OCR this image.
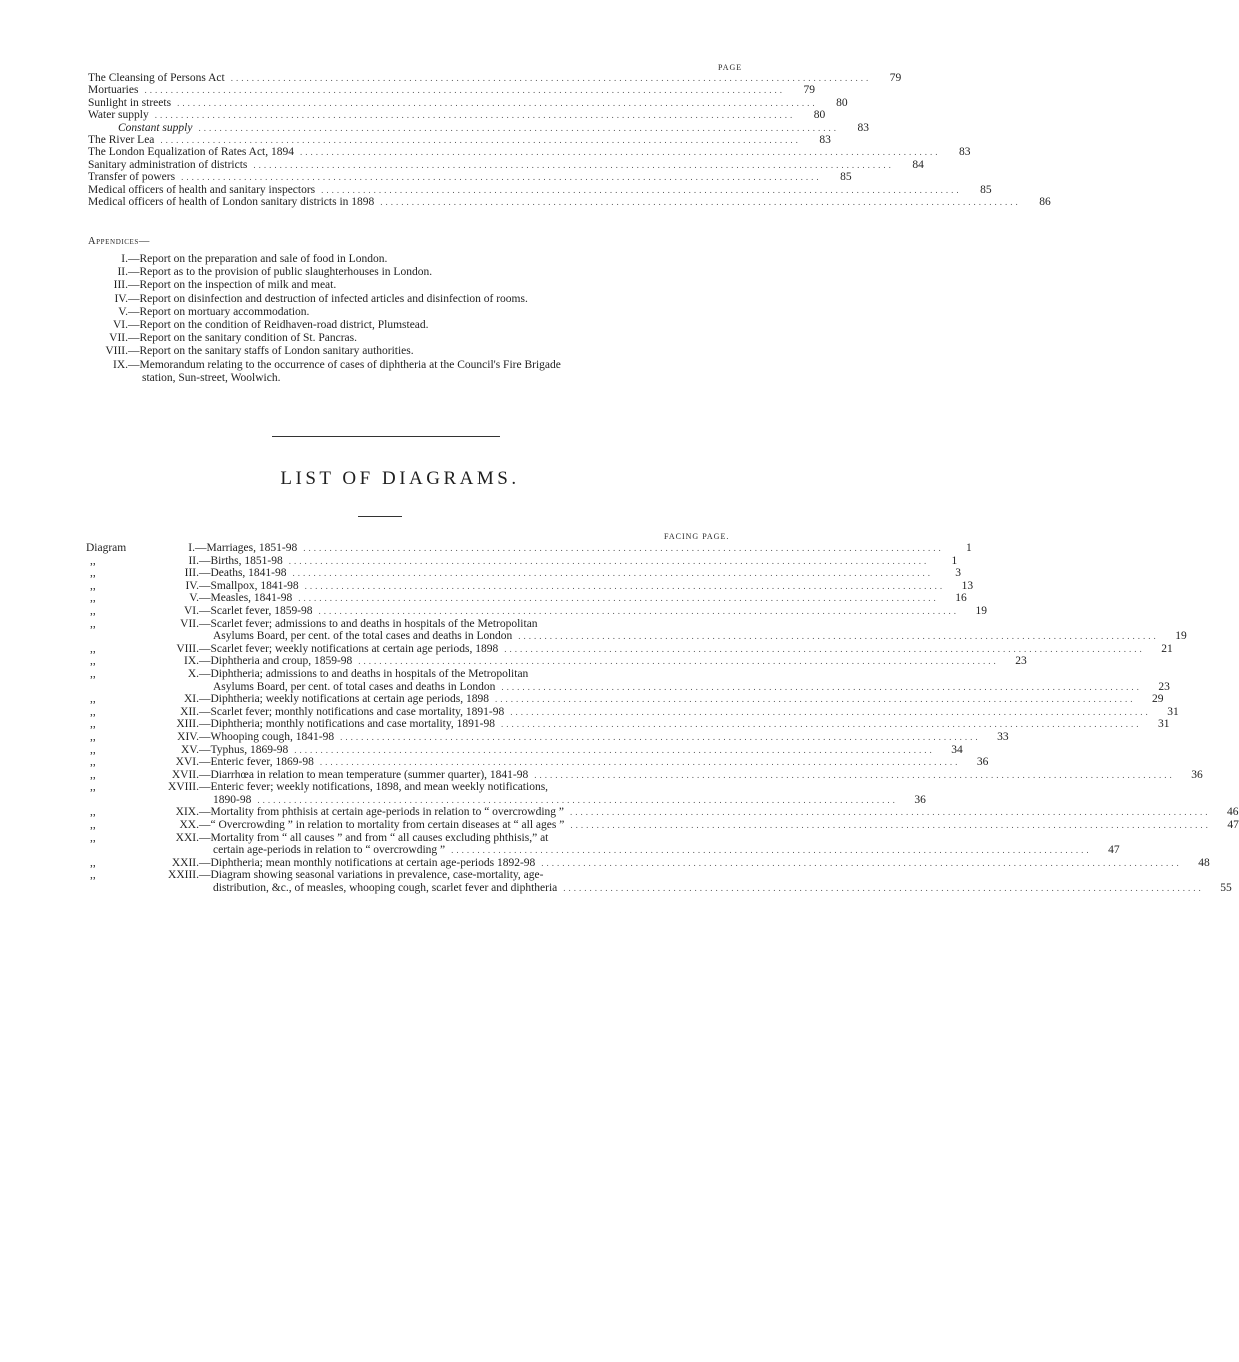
PAGE
The Cleansing of Persons Act ..........................................................................................................................	79
Mortuaries ..........................................................................................................................	79
Sunlight in streets ..........................................................................................................................	80
Water supply ..........................................................................................................................	80
Constant supply ..........................................................................................................................	83
The River Lea ..........................................................................................................................	83
The London Equalization of Rates Act, 1894 ..........................................................................................................................	83
Sanitary administration of districts ..........................................................................................................................	84
Transfer of powers ..........................................................................................................................	85
Medical officers of health and sanitary inspectors ..........................................................................................................................	85
Medical officers of health of London sanitary districts in 1898 ..........................................................................................................................	86
Appendices—
I. —Report on the preparation and sale of food in London.
II. —Report as to the provision of public slaughterhouses in London.
III. —Report on the inspection of milk and meat.
IV. —Report on disinfection and destruction of infected articles and disinfection of rooms.
V. —Report on mortuary accommodation.
VI. —Report on the condition of Reidhaven-road district, Plumstead.
VII. —Report on the sanitary condition of St. Pancras.
VIII. —Report on the sanitary staffs of London sanitary authorities.
IX. —Memorandum relating to the occurrence of cases of diphtheria at the Council's Fire Brigade
station, Sun-street, Woolwich.
LIST OF DIAGRAMS.
FACING PAGE.
Diagram	I. —Marriages, 1851-98 ..........................................................................................................................	1
,,	II. —Births, 1851-98 ..........................................................................................................................	1
,,	III. —Deaths, 1841-98 ..........................................................................................................................	3
,,	IV. —Smallpox, 1841-98 ..........................................................................................................................	13
,,	V. —Measles, 1841-98 ..........................................................................................................................	16
,,	VI. —Scarlet fever, 1859-98 ..........................................................................................................................	19
,,	VII. —Scarlet fever; admissions to and deaths in hospitals of the Metropolitan
Asylums Board, per cent. of the total cases and deaths in London ..........................................................................................................................	19
,,	VIII. —Scarlet fever; weekly notifications at certain age periods, 1898 ..........................................................................................................................	21
,,	IX. —Diphtheria and croup, 1859-98 ..........................................................................................................................	23
,,	X. —Diphtheria; admissions to and deaths in hospitals of the Metropolitan
Asylums Board, per cent. of total cases and deaths in London ..........................................................................................................................	23
,,	XI. —Diphtheria; weekly notifications at certain age periods, 1898 ..........................................................................................................................	29
,,	XII. —Scarlet fever; monthly notifications and case mortality, 1891-98 ..........................................................................................................................	31
,,	XIII. —Diphtheria; monthly notifications and case mortality, 1891-98 ..........................................................................................................................	31
,,	XIV. —Whooping cough, 1841-98 ..........................................................................................................................	33
,,	XV. —Typhus, 1869-98 ..........................................................................................................................	34
,,	XVI. —Enteric fever, 1869-98 ..........................................................................................................................	36
,,	XVII. —Diarrhœa in relation to mean temperature (summer quarter), 1841-98 ..........................................................................................................................	36
,,	XVIII. —Enteric fever; weekly notifications, 1898, and mean weekly notifications,
1890-98 ..........................................................................................................................	36
,,	XIX. —Mortality from phthisis at certain age-periods in relation to “ overcrowding ” ..........................................................................................................................	46
,,	XX. —“ Overcrowding ” in relation to mortality from certain diseases at “ all ages ” ..........................................................................................................................	47
,,	XXI. —Mortality from “ all causes ” and from “ all causes excluding phthisis,” at
certain age-periods in relation to “ overcrowding ” ..........................................................................................................................	47
,,	XXII. —Diphtheria; mean monthly notifications at certain age-periods 1892-98 ..........................................................................................................................	48
,,	XXIII. —Diagram showing seasonal variations in prevalence, case-mortality, age-
distribution, &c., of measles, whooping cough, scarlet fever and diphtheria ..........................................................................................................................	55
